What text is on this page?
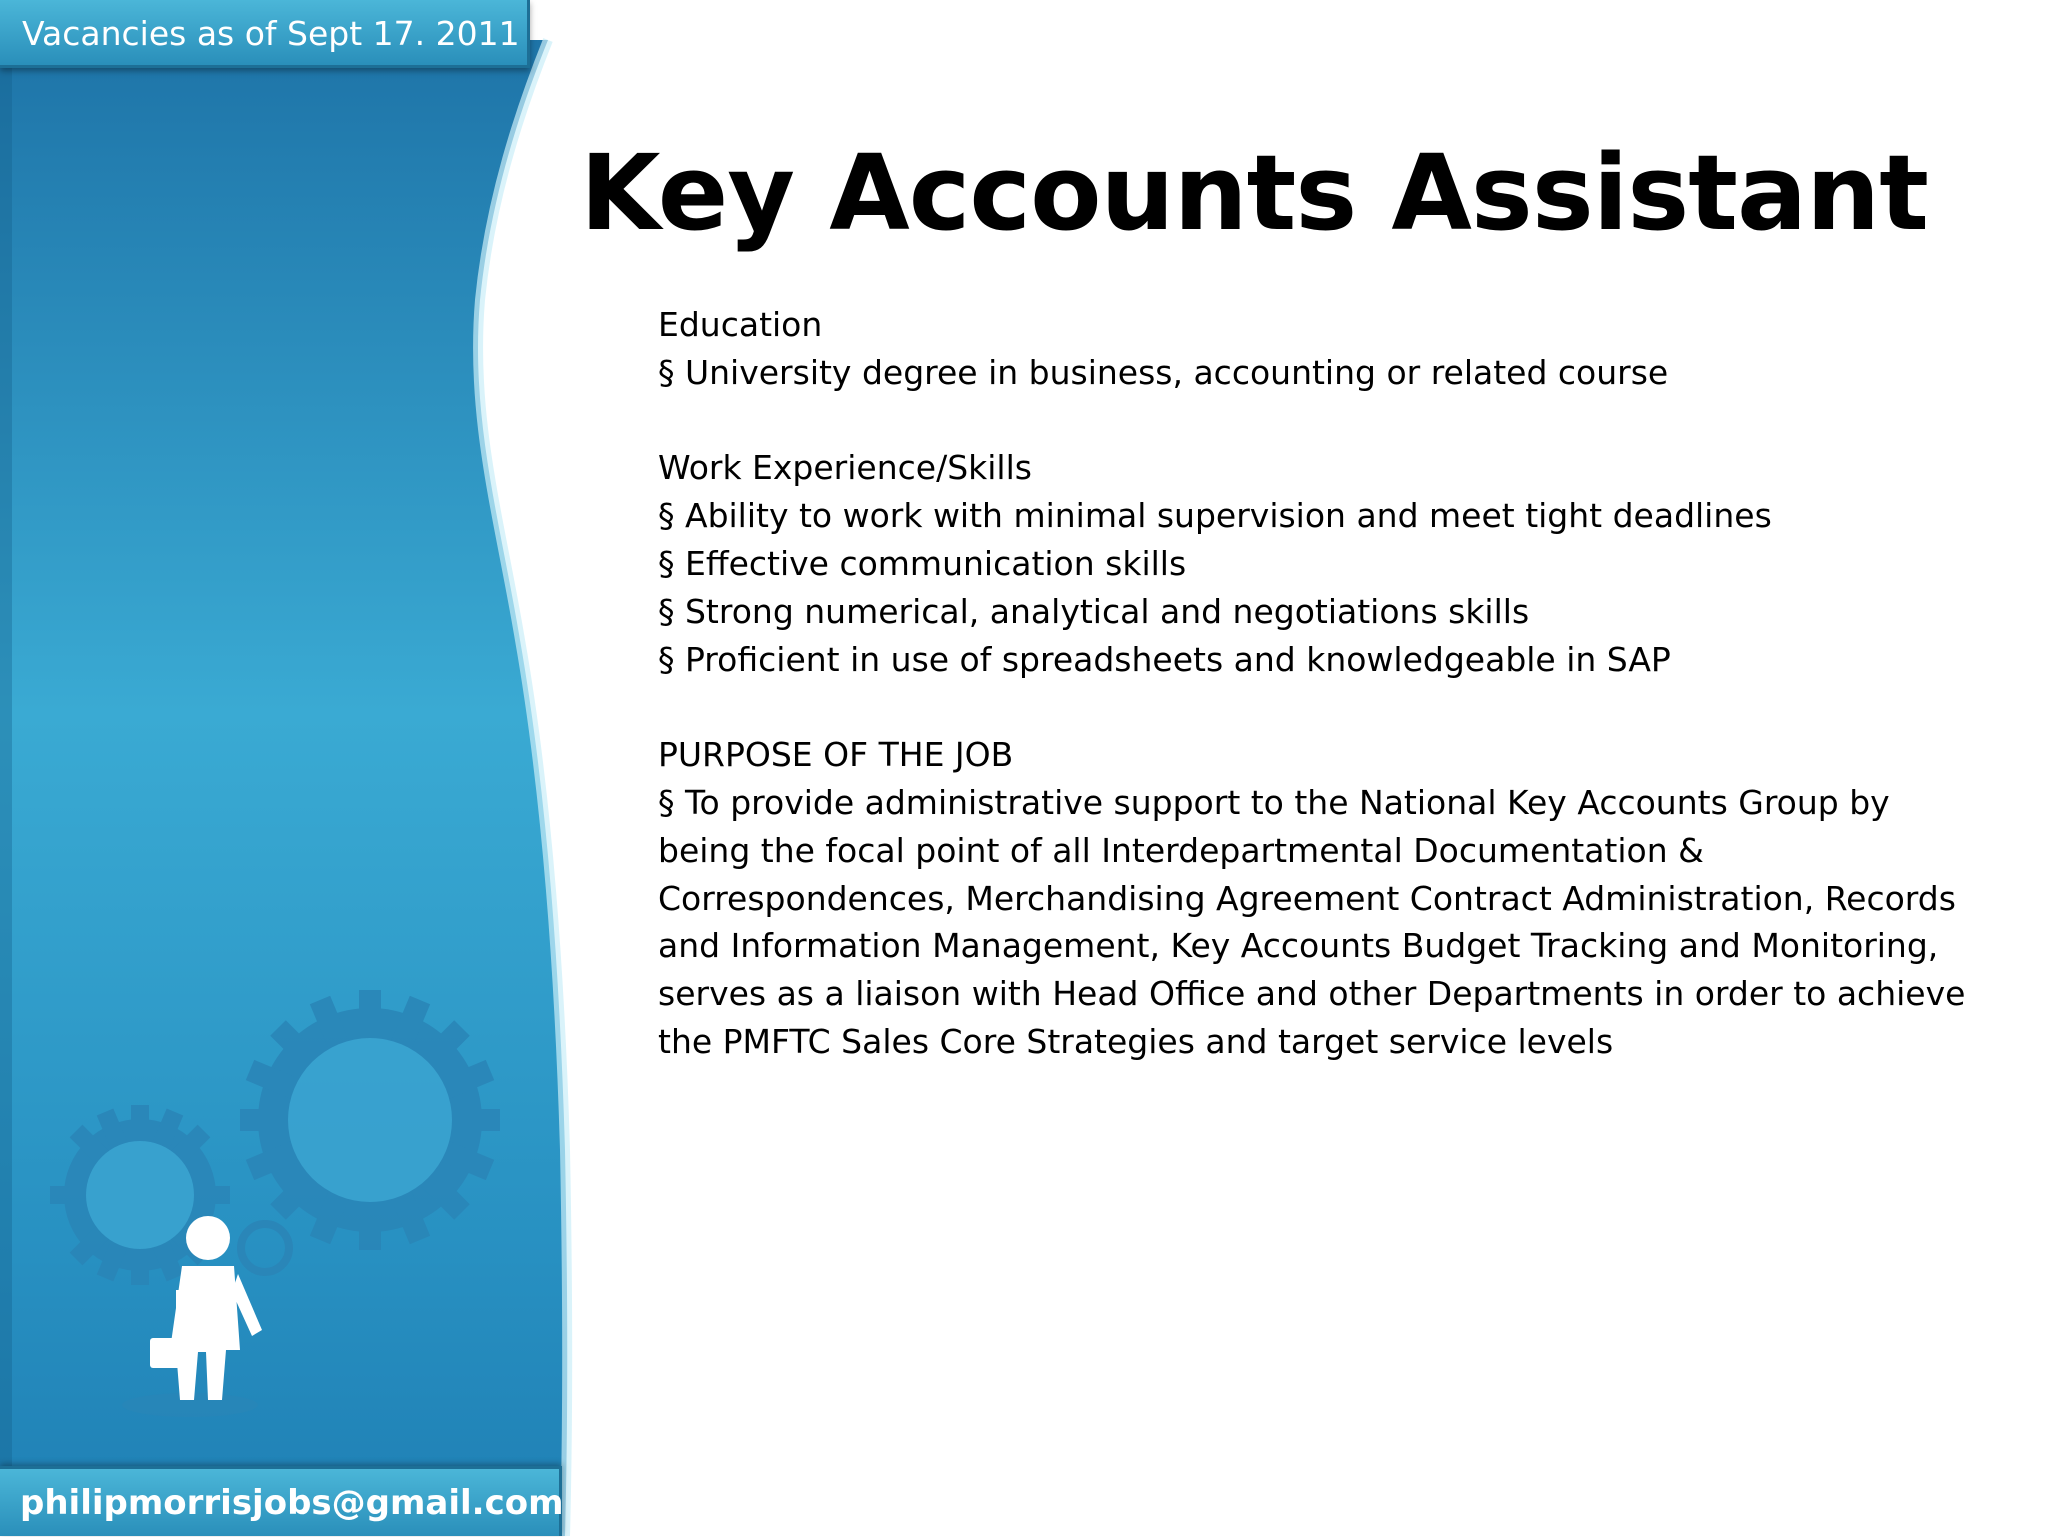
Vacancies as of Sept 17. 2011
Key Accounts Assistant

Education

§ University degree in business, accounting or related course

Work Experience/Skills

§ Ability to work with minimal supervision and meet tight deadlines

§ Effective communication skills

§ Strong numerical, analytical and negotiations skills

§ Proficient in use of spreadsheets and knowledgeable in SAP

PURPOSE OF THE JOB

§ To provide administrative support to the National Key Accounts Group by being the focal point of all Interdepartmental Documentation & Correspondences, Merchandising Agreement Contract Administration, Records and Information Management, Key Accounts Budget Tracking and Monitoring, serves as a liaison with Head Office and other Departments in order to achieve the PMFTC Sales Core Strategies and target service levels

philipmorrisjobs@gmail.com
